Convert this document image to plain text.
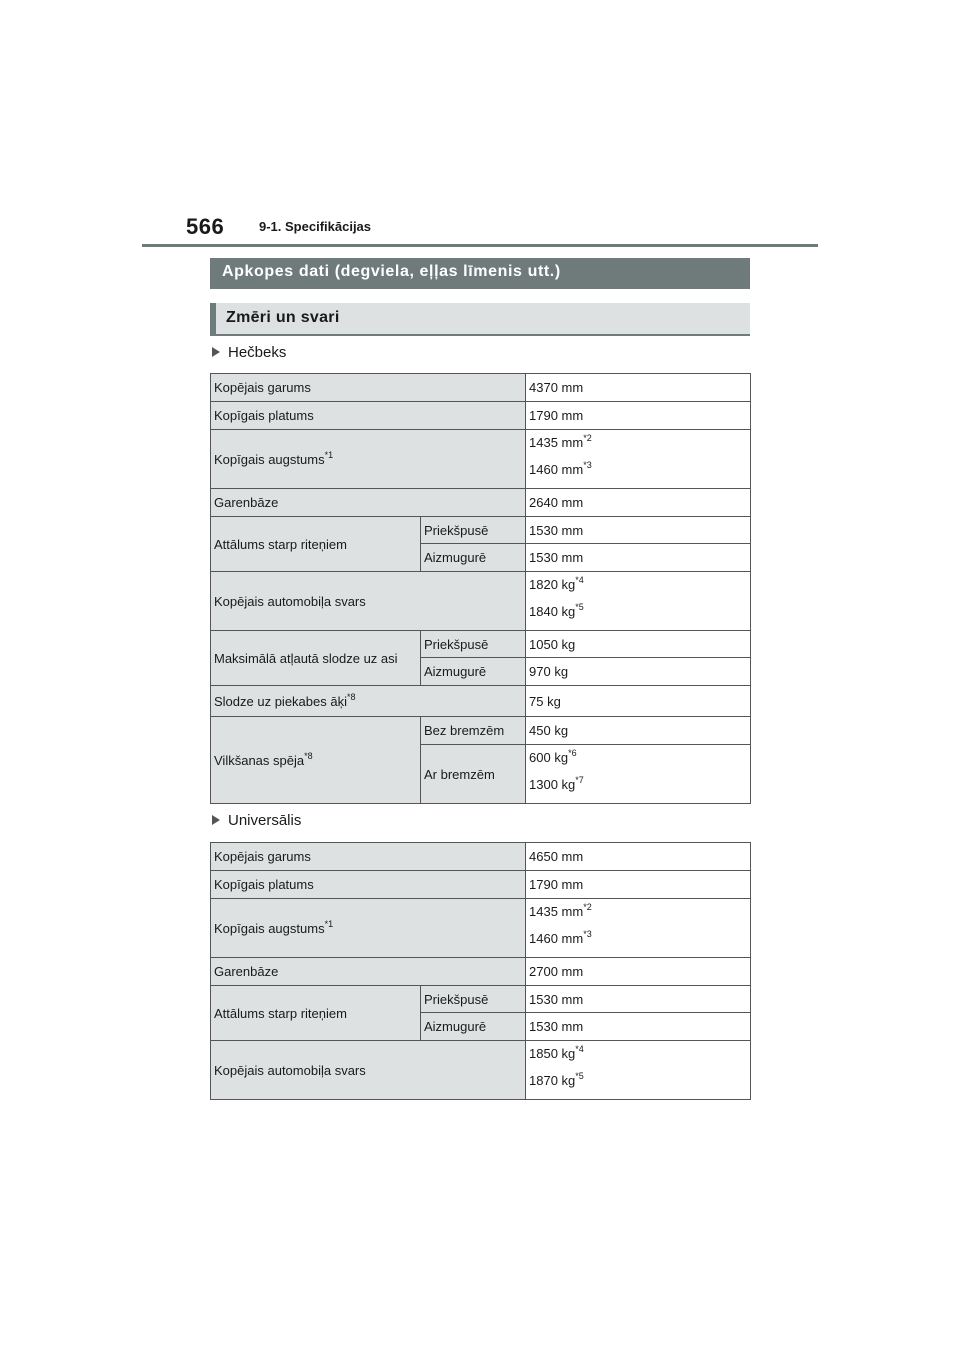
566	9-1. Specifikācijas
Apkopes dati (degviela, eļļas līmenis utt.)
Zmēri un svari
Hečbeks
Kopējais garums		4370 mm
Kopīgais platums		1790 mm
Kopīgais augstums$^{*1}$		1435 $mm^{*2}$
1460 $mm^{*3}$

Garenbāze		2640 mm
Attālums starp riteņiem	Priekšpusē	1530 mm
	Aizmugurē	1530 mm
Kopējais automobiļa svars		1820 $kg^{*4}$
1840 $kg^{*5}$

Maksimālā atļautā slodze uz asi	Priekšpusē	1050 kg
	Aizmugurē	970 kg
Slodze uz piekabes āķi$^{*8}$		75 kg
Vilkšanas spēja$^{*8}$	Bez bremzēm	450 kg
	Ar bremzēm	600 $kg^{*6}$
1300 $kg^{*7}$
Universālis
Kopējais garums		4650 mm
Kopīgais platums		1790 mm
Kopīgais augstums$^{*1}$		1435 $mm^{*2}$
1460 $mm^{*3}$

Garenbāze		2700 mm
Attālums starp riteņiem	Priekšpusē	1530 mm
	Aizmugurē	1530 mm
Kopējais automobiļa svars		1850 $kg^{*4}$
1870 $kg^{*5}$
